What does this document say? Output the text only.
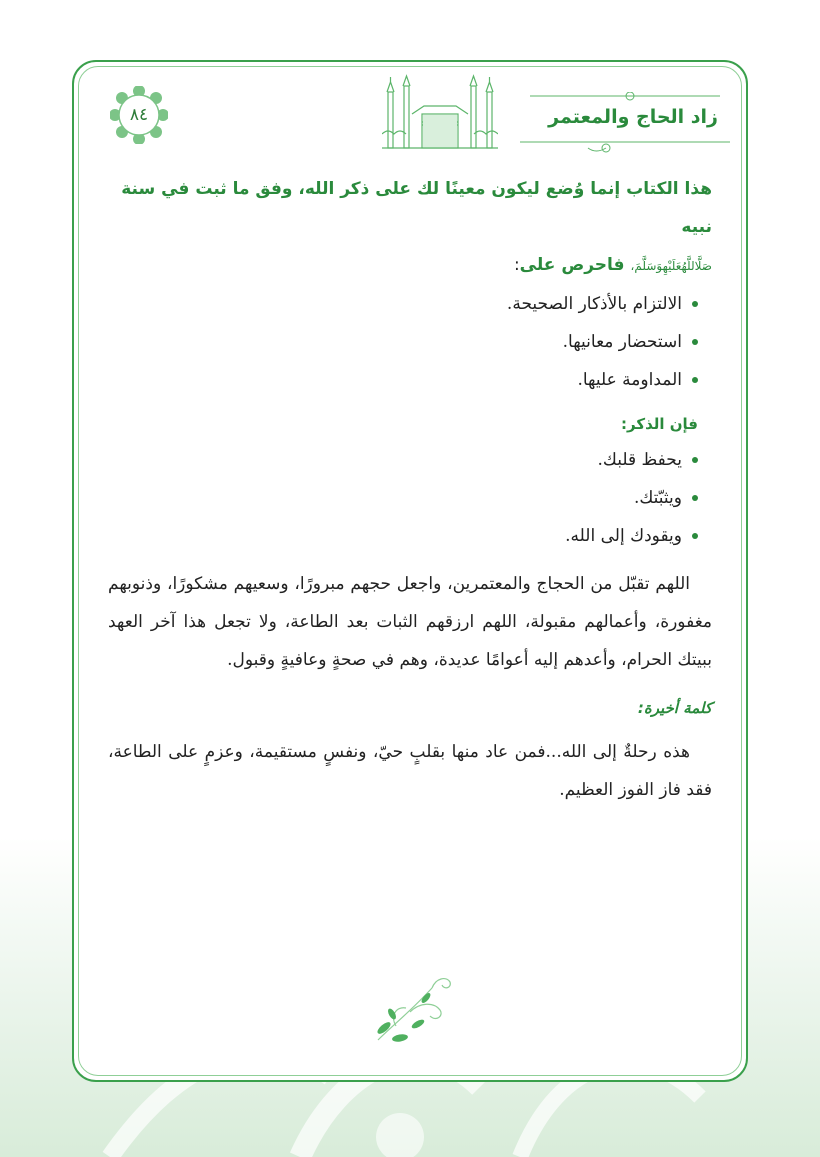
٨٤	زاد الحاج والمعتمر

هذا الكتاب إنما وُضع ليكون معينًا لك على ذكر الله، وفق ما ثبت في سنة نبيه
صَلَّاللَّهُعَلَيْهِوَسَلَّمَ، فاحرص على:

الالتزام بالأذكار الصحيحة.
استحضار معانيها.
المداومة عليها.
فإن الذكر:
يحفظ قلبك.
ويثبّتك.
ويقودك إلى الله.

اللهم تقبّل من الحجاج والمعتمرين، واجعل حجهم مبرورًا، وسعيهم مشكورًا، وذنوبهم مغفورة، وأعمالهم مقبولة، اللهم ارزقهم الثبات بعد الطاعة، ولا تجعل هذا آخر العهد ببيتك الحرام، وأعدهم إليه أعوامًا عديدة، وهم في صحةٍ وعافيةٍ وقبول.

كلمة أخيرة:

هذه رحلةٌ إلى الله...فمن عاد منها بقلبٍ حيّ، ونفسٍ مستقيمة، وعزمٍ على الطاعة، فقد فاز الفوز العظيم.
